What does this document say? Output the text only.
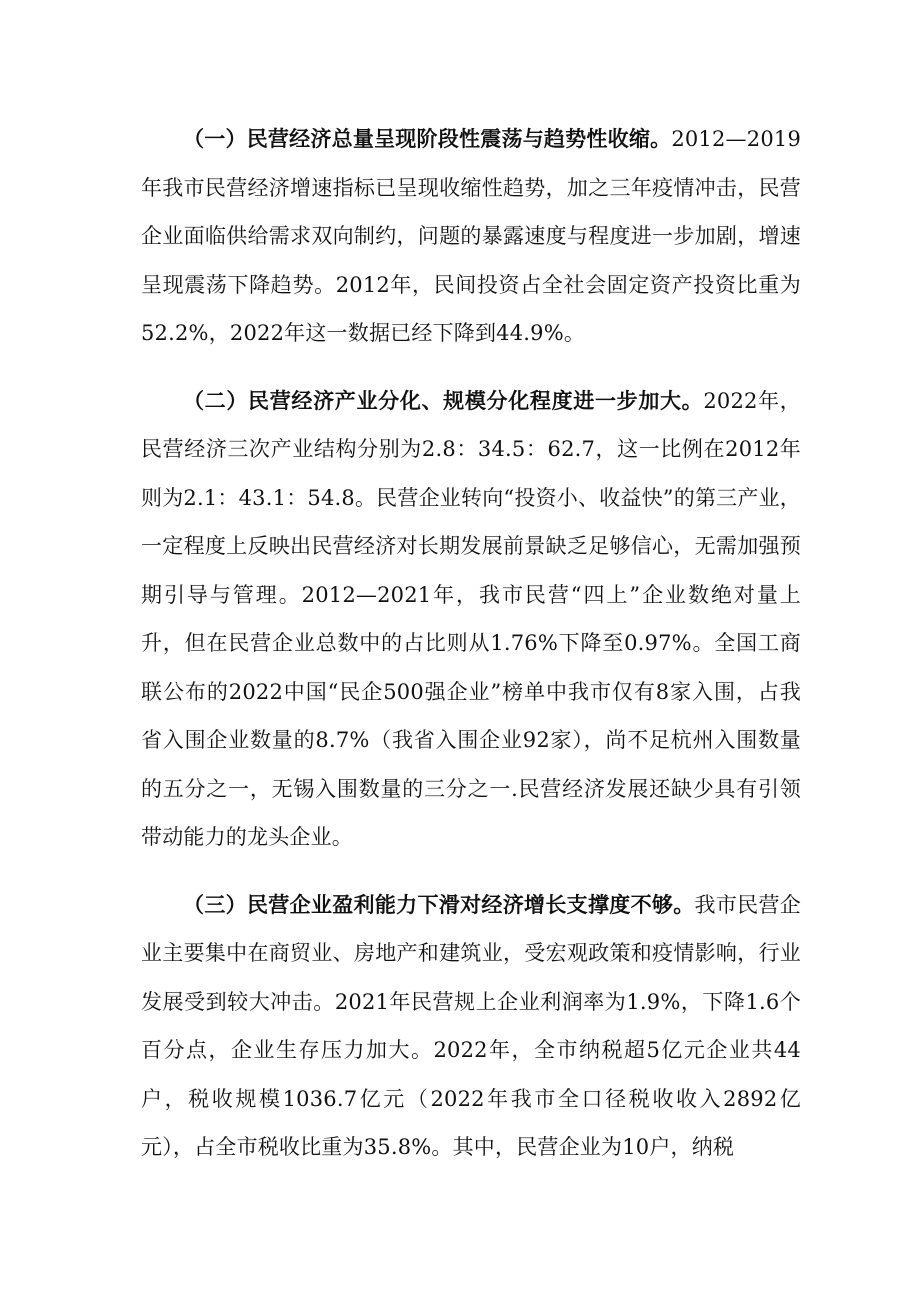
（一）民营经济总量呈现阶段性震荡与趋势性收缩。2012—2019年我市民营经济增速指标已呈现收缩性趋势，加之三年疫情冲击，民营企业面临供给需求双向制约，问题的暴露速度与程度进一步加剧，增速呈现震荡下降趋势。2012年，民间投资占全社会固定资产投资比重为52.2%，2022年这一数据已经下降到44.9%。

（二）民营经济产业分化、规模分化程度进一步加大。2022年，民营经济三次产业结构分别为2.8：34.5：62.7，这一比例在2012年则为2.1：43.1：54.8。民营企业转向“投资小、收益快”的第三产业，一定程度上反映出民营经济对长期发展前景缺乏足够信心，无需加强预期引导与管理。2012—2021年，我市民营“四上”企业数绝对量上升，但在民营企业总数中的占比则从1.76%下降至0.97%。全国工商联公布的2022中国“民企500强企业”榜单中我市仅有8家入围，占我省入围企业数量的8.7%（我省入围企业92家），尚不足杭州入围数量的五分之一，无锡入围数量的三分之一.民营经济发展还缺少具有引领带动能力的龙头企业。

（三）民营企业盈利能力下滑对经济增长支撑度不够。我市民营企业主要集中在商贸业、房地产和建筑业，受宏观政策和疫情影响，行业发展受到较大冲击。2021年民营规上企业利润率为1.9%，下降1.6个百分点，企业生存压力加大。2022年，全市纳税超5亿元企业共44户，税收规模1036.7亿元（2022年我市全口径税收收入2892亿元），占全市税收比重为35.8%。其中，民营企业为10户，纳税
